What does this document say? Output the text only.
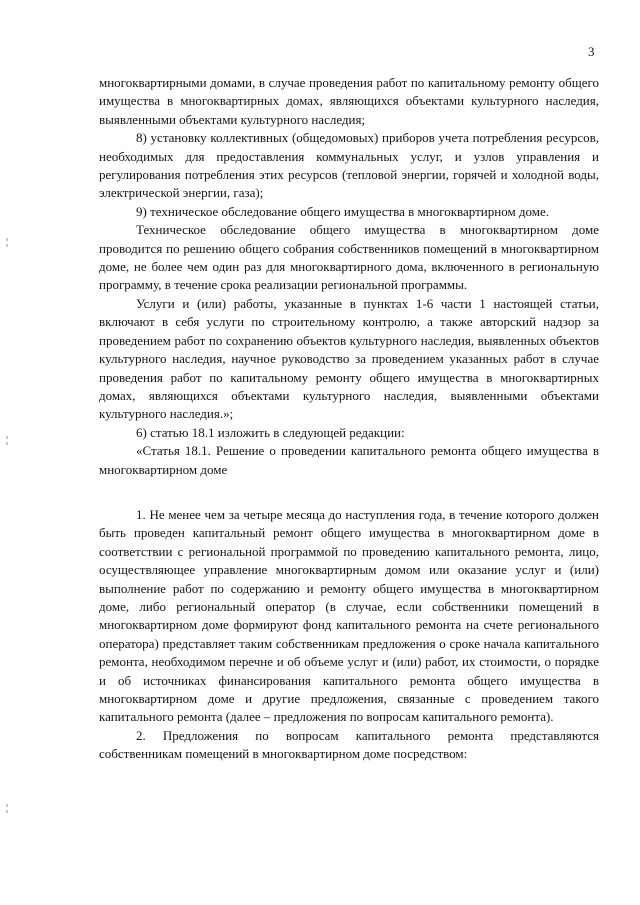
3

многоквартирными домами, в случае проведения работ по капитальному ремонту общего имущества в многоквартирных домах, являющихся объектами культурного наследия, выявленными объектами культурного наследия;

8) установку коллективных (общедомовых) приборов учета потребления ресурсов, необходимых для предоставления коммунальных услуг, и узлов управления и регулирования потребления этих ресурсов (тепловой энергии, горячей и холодной воды, электрической энергии, газа);

9) техническое обследование общего имущества в многоквартирном доме.

Техническое обследование общего имущества в многоквартирном доме проводится по решению общего собрания собственников помещений в многоквартирном доме, не более чем один раз для многоквартирного дома, включенного в региональную программу, в течение срока реализации региональной программы.

Услуги и (или) работы, указанные в пунктах 1-6 части 1 настоящей статьи, включают в себя услуги по строительному контролю, а также авторский надзор за проведением работ по сохранению объектов культурного наследия, выявленных объектов культурного наследия, научное руководство за проведением указанных работ в случае проведения работ по капитальному ремонту общего имущества в многоквартирных домах, являющихся объектами культурного наследия, выявленными объектами культурного наследия.»;

6) статью 18.1 изложить в следующей редакции:

«Статья 18.1. Решение о проведении капитального ремонта общего имущества в многоквартирном доме

1. Не менее чем за четыре месяца до наступления года, в течение которого должен быть проведен капитальный ремонт общего имущества в многоквартирном доме в соответствии с региональной программой по проведению капитального ремонта, лицо, осуществляющее управление многоквартирным домом или оказание услуг и (или) выполнение работ по содержанию и ремонту общего имущества в многоквартирном доме, либо региональный оператор (в случае, если собственники помещений в многоквартирном доме формируют фонд капитального ремонта на счете регионального оператора) представляет таким собственникам предложения о сроке начала капитального ремонта, необходимом перечне и об объеме услуг и (или) работ, их стоимости, о порядке и об источниках финансирования капитального ремонта общего имущества в многоквартирном доме и другие предложения, связанные с проведением такого капитального ремонта (далее – предложения по вопросам капитального ремонта).

2. Предложения по вопросам капитального ремонта представляются собственникам помещений в многоквартирном доме посредством:
